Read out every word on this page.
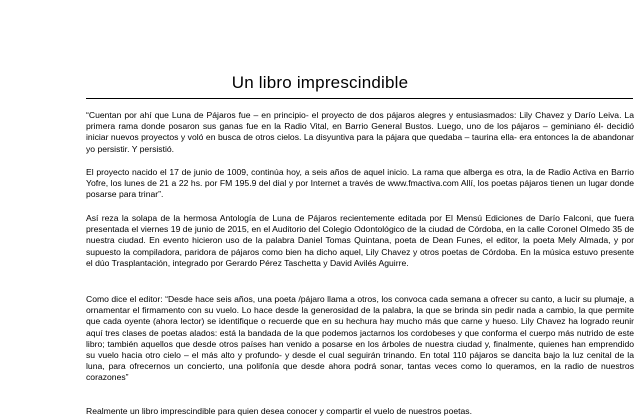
Un libro imprescindible

“Cuentan por ahí que Luna de Pájaros fue – en principio- el proyecto de dos pájaros alegres y entusiasmados: Lily Chavez y Darío Leiva. La primera rama donde posaron sus ganas fue en la Radio Vital, en Barrio General Bustos. Luego, uno de los pájaros – geminiano él- decidió iniciar nuevos proyectos y voló en busca de otros cielos. La disyuntiva para la pájara que quedaba – taurina ella- era entonces la de abandonar yo persistir. Y persistió.

El proyecto nacido el 17 de junio de 1009, continúa hoy, a seis años de aquel inicio. La rama que alberga es otra, la de Radio Activa en Barrio Yofre, los lunes de 21 a 22 hs. por FM 195.9 del dial y por Internet a través de www.fmactiva.com Allí, los poetas pájaros tienen un lugar donde posarse para trinar”.

Así reza la solapa de la hermosa Antología de Luna de Pájaros recientemente editada por El Mensú Ediciones de Darío Falconi, que fuera presentada el viernes 19 de junio de 2015, en el Auditorio del Colegio Odontológico de la ciudad de Córdoba, en la calle Coronel Olmedo 35 de nuestra ciudad. En evento hicieron uso de la palabra Daniel Tomas Quintana, poeta de Dean Funes, el editor, la poeta Mely Almada, y por supuesto la compiladora, paridora de pájaros como bien ha dicho aquel, Lily Chavez y otros poetas de Córdoba. En la música estuvo presente el dúo Trasplantación, integrado por Gerardo Pérez Taschetta y David Avilés Aguirre.

Como dice el editor: “Desde hace seis años, una poeta /pájaro llama a otros, los convoca cada semana a ofrecer su canto, a lucir su plumaje, a ornamentar el firmamento con su vuelo. Lo hace desde la generosidad de la palabra, la que se brinda sin pedir nada a cambio, la que permite que cada oyente (ahora lector) se identifique o recuerde que en su hechura hay mucho más que carne y hueso. Lily Chavez ha logrado reunir aquí tres clases de poetas alados: está la bandada de la que podemos jactarnos los cordobeses y que conforma el cuerpo más nutrido de este libro; también aquellos que desde otros países han venido a posarse en los árboles de nuestra ciudad y, finalmente, quienes han emprendido su vuelo hacia otro cielo – el más alto y profundo- y desde el cual seguirán trinando. En total 110 pájaros se dancita bajo la luz cenital de la luna, para ofrecernos un concierto, una polifonía que desde ahora podrá sonar, tantas veces como lo queramos, en la radio de nuestros corazones”

Realmente un libro imprescindible para quien desea conocer y compartir el vuelo de nuestros poetas.
